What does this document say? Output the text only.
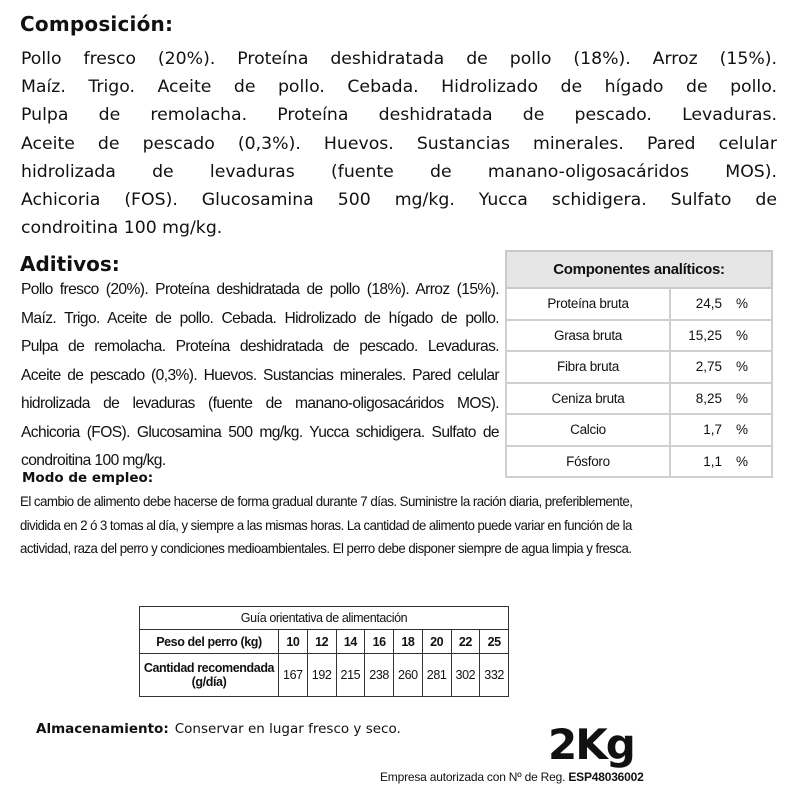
Composición:
Pollo fresco (20%). Proteína deshidratada de pollo (18%). Arroz (15%).
Maíz. Trigo. Aceite de pollo. Cebada. Hidrolizado de hígado de pollo.
Pulpa de remolacha. Proteína deshidratada de pescado. Levaduras.
Aceite de pescado (0,3%). Huevos. Sustancias minerales. Pared celular
hidrolizada de levaduras (fuente de manano-oligosacáridos MOS).
Achicoria (FOS). Glucosamina 500 mg/kg. Yucca schidigera. Sulfato de
condroitina 100 mg/kg.
Aditivos:
Pollo fresco (20%). Proteína deshidratada de pollo (18%). Arroz (15%).
Maíz. Trigo. Aceite de pollo. Cebada. Hidrolizado de hígado de pollo.
Pulpa de remolacha. Proteína deshidratada de pescado. Levaduras.
Aceite de pescado (0,3%). Huevos. Sustancias minerales. Pared celular
hidrolizada de levaduras (fuente de manano-oligosacáridos MOS).
Achicoria (FOS). Glucosamina 500 mg/kg. Yucca schidigera. Sulfato de
condroitina 100 mg/kg.
Componentes analíticos:		
Proteína bruta	24,5	%
Grasa bruta	15,25	%
Fibra bruta	2,75	%
Ceniza bruta	8,25	%
Calcio	1,7	%
Fósforo	1,1	%
Modo de empleo:
El cambio de alimento debe hacerse de forma gradual durante 7 días. Suministre la ración diaria, preferiblemente,
dividida en 2 ó 3 tomas al día, y siempre a las mismas horas. La cantidad de alimento puede variar en función de la
actividad, raza del perro y condiciones medioambientales. El perro debe disponer siempre de agua limpia y fresca.
Guía orientativa de alimentación								
Peso del perro (kg)	10	12	14	16	18	20	22	25
Cantidad recomendada (g/día)	167	192	215	238	260	281	302	332
Almacenamiento: Conservar en lugar fresco y seco.	2Kg
Empresa autorizada con Nº de Reg. ESP48036002
